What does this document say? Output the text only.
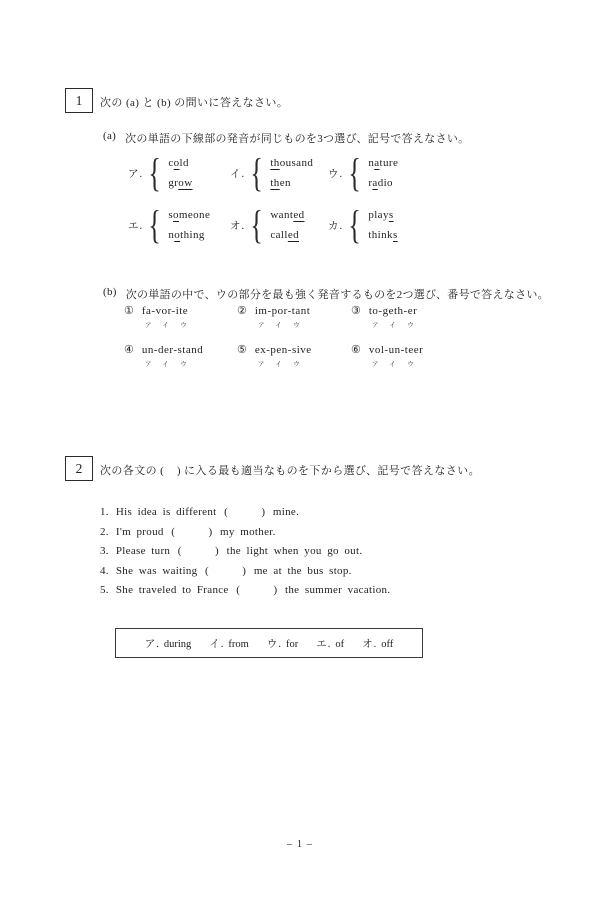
1 次の (a) と (b) の問いに答えなさい。
(a) 次の単語の下線部の発音が同じものを3つ選び、記号で答えなさい。
ア. { cold
grow
イ. { thousand
then
ウ. { nature
radio
エ. { someone
nothing
オ. { wanted
called
カ. { plays
thinks
(b) 次の単語の中で、ウの部分を最も強く発音するものを2つ選び、番号で答えなさい。
① fa-vor-ite
アイウ
② im-por-tant
アイウ
③ to-geth-er
アイウ
④ un-der-stand
アイウ
⑤ ex-pen-sive
アイウ
⑥ vol-un-teer
アイウ
2 次の各文の (    ) に入る最も適当なものを下から選び、記号で答えなさい。
1. His idea is different (      ) mine.
2. I'm proud (      ) my mother.
3. Please turn (      ) the light when you go out.
4. She was waiting (      ) me at the bus stop.
5. She traveled to France (      ) the summer vacation.
ア. during イ. from ウ. for エ. of オ. off
– 1 –
